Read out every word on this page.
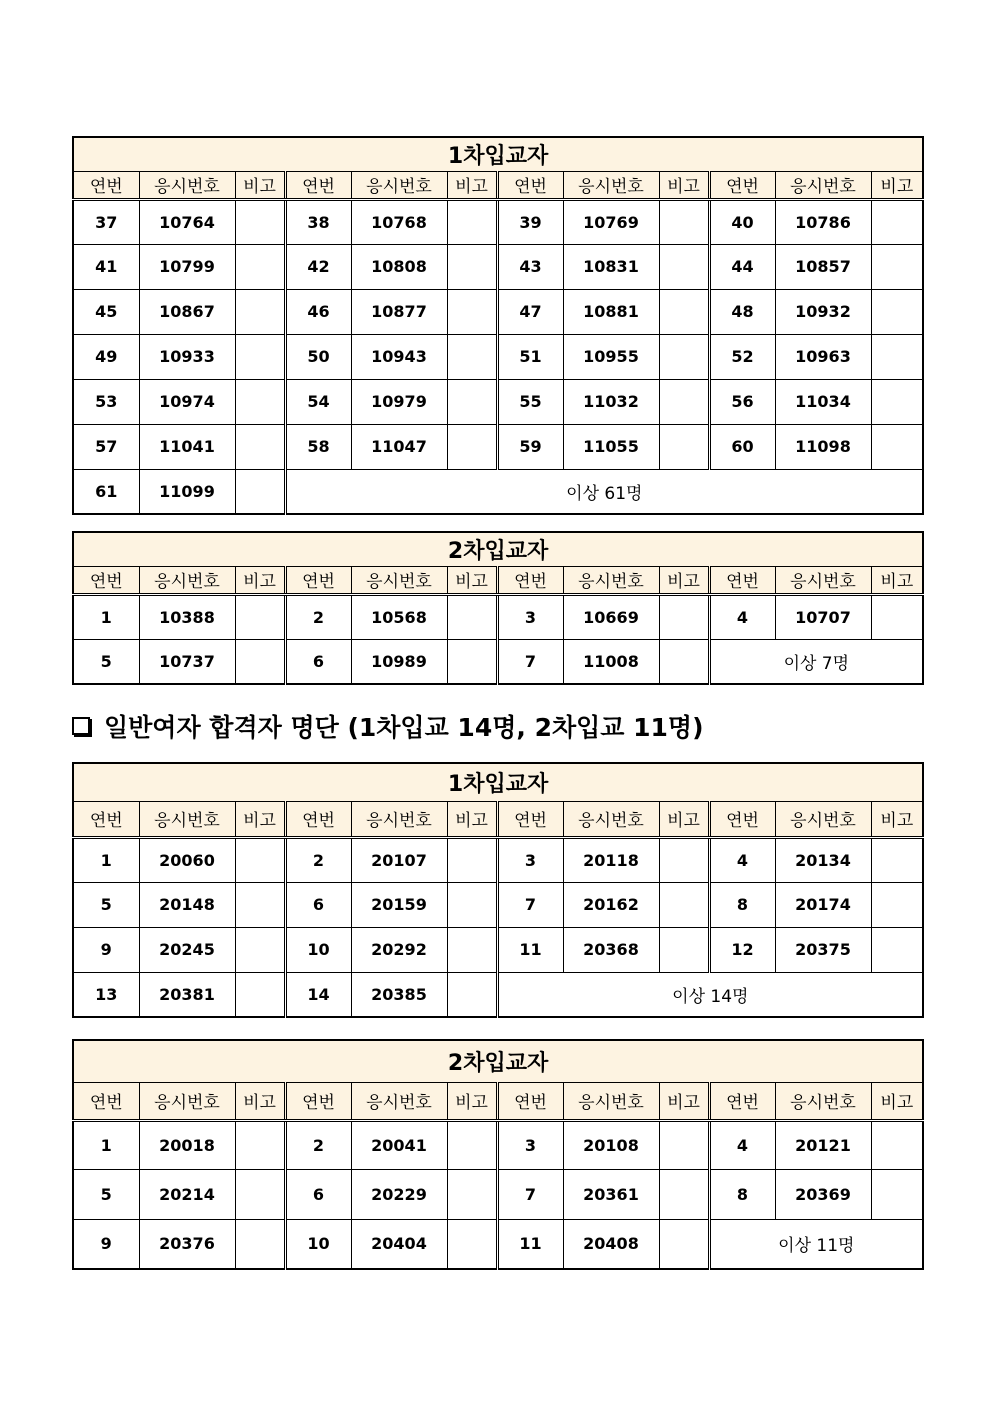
일반여자 합격자 명단 (1차입교 14명, 2차입교 11명)
1차입교자											
연번	응시번호	비고	연번	응시번호	비고	연번	응시번호	비고	연번	응시번호	비고
37	10764		38	10768		39	10769		40	10786	
41	10799		42	10808		43	10831		44	10857	
45	10867		46	10877		47	10881		48	10932	
49	10933		50	10943		51	10955		52	10963	
53	10974		54	10979		55	11032		56	11034	
57	11041		58	11047		59	11055		60	11098	
61	11099		이상 61명								
2차입교자											
연번	응시번호	비고	연번	응시번호	비고	연번	응시번호	비고	연번	응시번호	비고
1	10388		2	10568		3	10669		4	10707	
5	10737		6	10989		7	11008		이상 7명		
1차입교자											
연번	응시번호	비고	연번	응시번호	비고	연번	응시번호	비고	연번	응시번호	비고
1	20060		2	20107		3	20118		4	20134	
5	20148		6	20159		7	20162		8	20174	
9	20245		10	20292		11	20368		12	20375	
13	20381		14	20385		이상 14명					
2차입교자											
연번	응시번호	비고	연번	응시번호	비고	연번	응시번호	비고	연번	응시번호	비고
1	20018		2	20041		3	20108		4	20121	
5	20214		6	20229		7	20361		8	20369	
9	20376		10	20404		11	20408		이상 11명		
